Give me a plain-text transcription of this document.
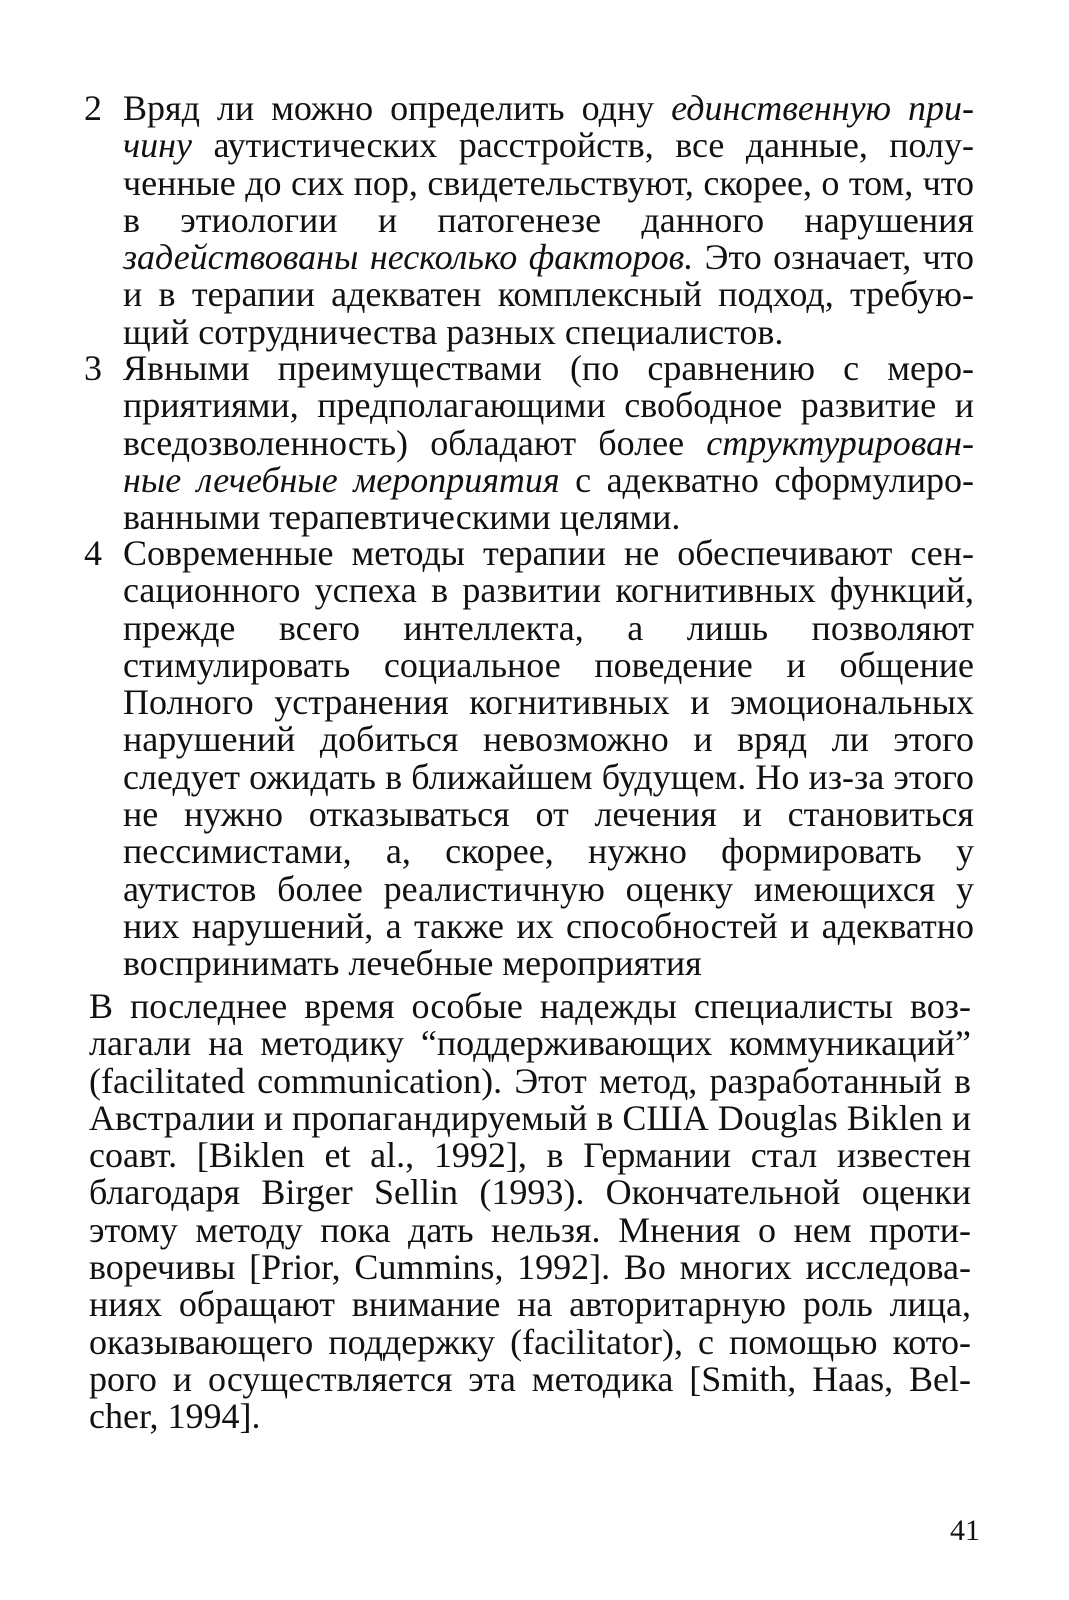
2 Вряд ли можно определить одну единственную причину аутистических расстройств, все данные, полученные до сих пор, свидетельствуют, скорее, о том, что в этиологии и патогенезе данного нарушения задействованы несколько факторов. Это означает, что и в терапии адекватен комплексный подход, требующий сотрудничества разных специалистов.
3 Явными преимуществами (по сравнению с мероприятиями, предполагающими свободное развитие и вседозволенность) обладают более структурированные лечебные мероприятия с адекватно сформулированными терапевтическими целями.
4 Современные методы терапии не обеспечивают сенсационного успеха в развитии когнитивных функций, прежде всего интеллекта, а лишь позволяют стимулировать социальное поведение и общение Полного устранения когнитивных и эмоциональных нарушений добиться невозможно и вряд ли этого следует ожидать в ближайшем будущем. Но из-за этого не нужно отказываться от лечения и становиться пессимистами, а, скорее, нужно формировать у аутистов более реалистичную оценку имеющихся у них нарушений, а также их способностей и адекватно воспринимать лечебные мероприятия
В последнее время особые надежды специалисты возлагали на методику “поддерживающих коммуникаций” (facilitated communication). Этот метод, разработанный в Австралии и пропагандируемый в США Douglas Biklen и соавт. [Biklen et al., 1992], в Германии стал известен благодаря Birger Sellin (1993). Окончательной оценки этому методу пока дать нельзя. Мнения о нем противоречивы [Prior, Cummins, 1992]. Во многих исследованиях обращают внимание на авторитарную роль лица, оказывающего поддержку (facilitator), с помощью которого и осуществляется эта методика [Smith, Haas, Belcher, 1994].
41
